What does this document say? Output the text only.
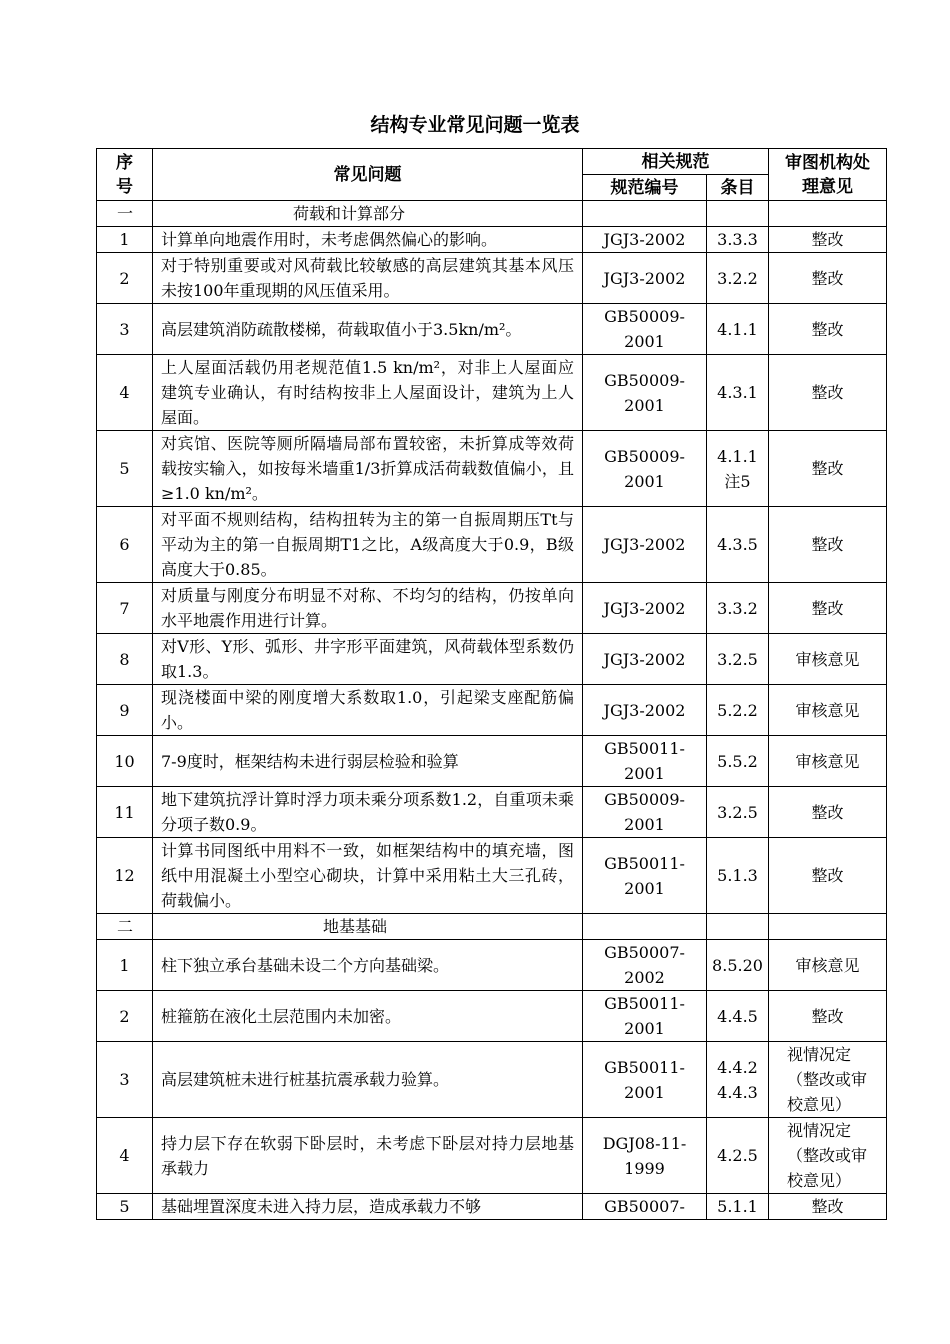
结构专业常见问题一览表
序号	常见问题	相关规范		审图机构处理意见
		规范编号	条目	
一	荷载和计算部分			
1	计算单向地震作用时，未考虑偶然偏心的影响。	JGJ3-2002	3.3.3	整改
2	对于特别重要或对风荷载比较敏感的高层建筑其基本风压未按100年重现期的风压值采用。	JGJ3-2002	3.2.2	整改
3	高层建筑消防疏散楼梯，荷载取值小于3.5kn/m²。	GB50009-2001	4.1.1	整改
4	上人屋面活载仍用老规范值1.5 kn/m²，对非上人屋面应建筑专业确认，有时结构按非上人屋面设计，建筑为上人屋面。	GB50009-2001	4.3.1	整改
5	对宾馆、医院等厕所隔墙局部布置较密，未折算成等效荷载按实输入，如按每米墙重1/3折算成活荷载数值偏小，且≥1.0 kn/m²。	GB50009-2001	4.1.1 注5	整改
6	对平面不规则结构，结构扭转为主的第一自振周期压Tt与平动为主的第一自振周期T1之比，A级高度大于0.9，B级高度大于0.85。	JGJ3-2002	4.3.5	整改
7	对质量与刚度分布明显不对称、不均匀的结构，仍按单向水平地震作用进行计算。	JGJ3-2002	3.3.2	整改
8	对V形、Y形、弧形、井字形平面建筑，风荷载体型系数仍取1.3。	JGJ3-2002	3.2.5	审核意见
9	现浇楼面中梁的刚度增大系数取1.0，引起梁支座配筋偏小。	JGJ3-2002	5.2.2	审核意见
10	7-9度时，框架结构未进行弱层检验和验算	GB50011-2001	5.5.2	审核意见
11	地下建筑抗浮计算时浮力项未乘分项系数1.2，自重项未乘分项子数0.9。	GB50009-2001	3.2.5	整改
12	计算书同图纸中用料不一致，如框架结构中的填充墙，图纸中用混凝土小型空心砌块，计算中采用粘土大三孔砖，荷载偏小。	GB50011-2001	5.1.3	整改
二	地基基础			
1	柱下独立承台基础未设二个方向基础梁。	GB50007-2002	8.5.20	审核意见
2	桩箍筋在液化土层范围内未加密。	GB50011-2001	4.4.5	整改
3	高层建筑桩未进行桩基抗震承载力验算。	GB50011-2001	4.4.2 4.4.3	视情况定（整改或审校意见）
4	持力层下存在软弱下卧层时，未考虑下卧层对持力层地基承载力	DGJ08-11-1999	4.2.5	视情况定（整改或审校意见）
5	基础埋置深度未进入持力层，造成承载力不够	GB50007-	5.1.1	整改
